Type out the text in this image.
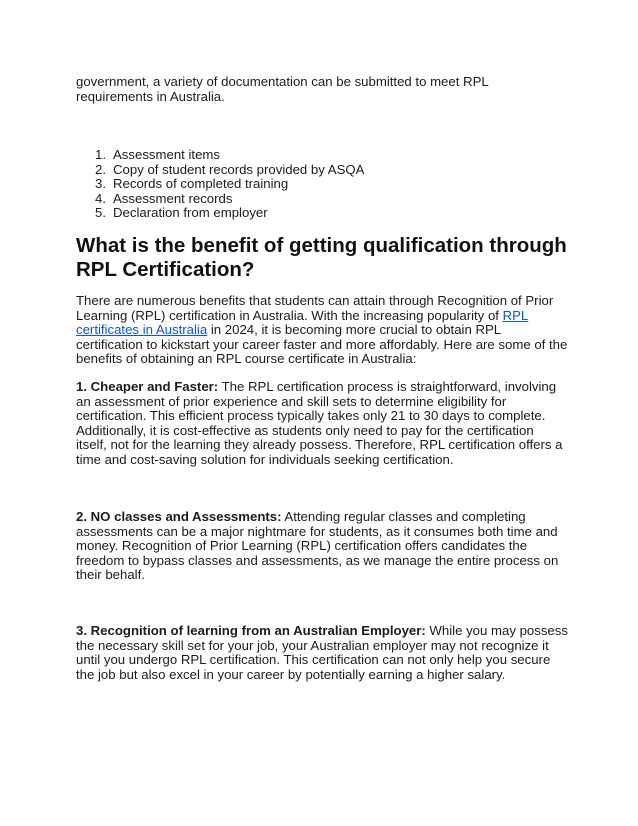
government, a variety of documentation can be submitted to meet RPL requirements in Australia.

1. Assessment items
2. Copy of student records provided by ASQA
3. Records of completed training
4. Assessment records
5. Declaration from employer
What is the benefit of getting qualification through RPL Certification?

There are numerous benefits that students can attain through Recognition of Prior Learning (RPL) certification in Australia. With the increasing popularity of RPL certificates in Australia in 2024, it is becoming more crucial to obtain RPL certification to kickstart your career faster and more affordably. Here are some of the benefits of obtaining an RPL course certificate in Australia:

1. Cheaper and Faster: The RPL certification process is straightforward, involving an assessment of prior experience and skill sets to determine eligibility for certification. This efficient process typically takes only 21 to 30 days to complete. Additionally, it is cost-effective as students only need to pay for the certification itself, not for the learning they already possess. Therefore, RPL certification offers a time and cost-saving solution for individuals seeking certification.

2. NO classes and Assessments: Attending regular classes and completing assessments can be a major nightmare for students, as it consumes both time and money. Recognition of Prior Learning (RPL) certification offers candidates the freedom to bypass classes and assessments, as we manage the entire process on their behalf.

3. Recognition of learning from an Australian Employer: While you may possess the necessary skill set for your job, your Australian employer may not recognize it until you undergo RPL certification. This certification can not only help you secure the job but also excel in your career by potentially earning a higher salary.
